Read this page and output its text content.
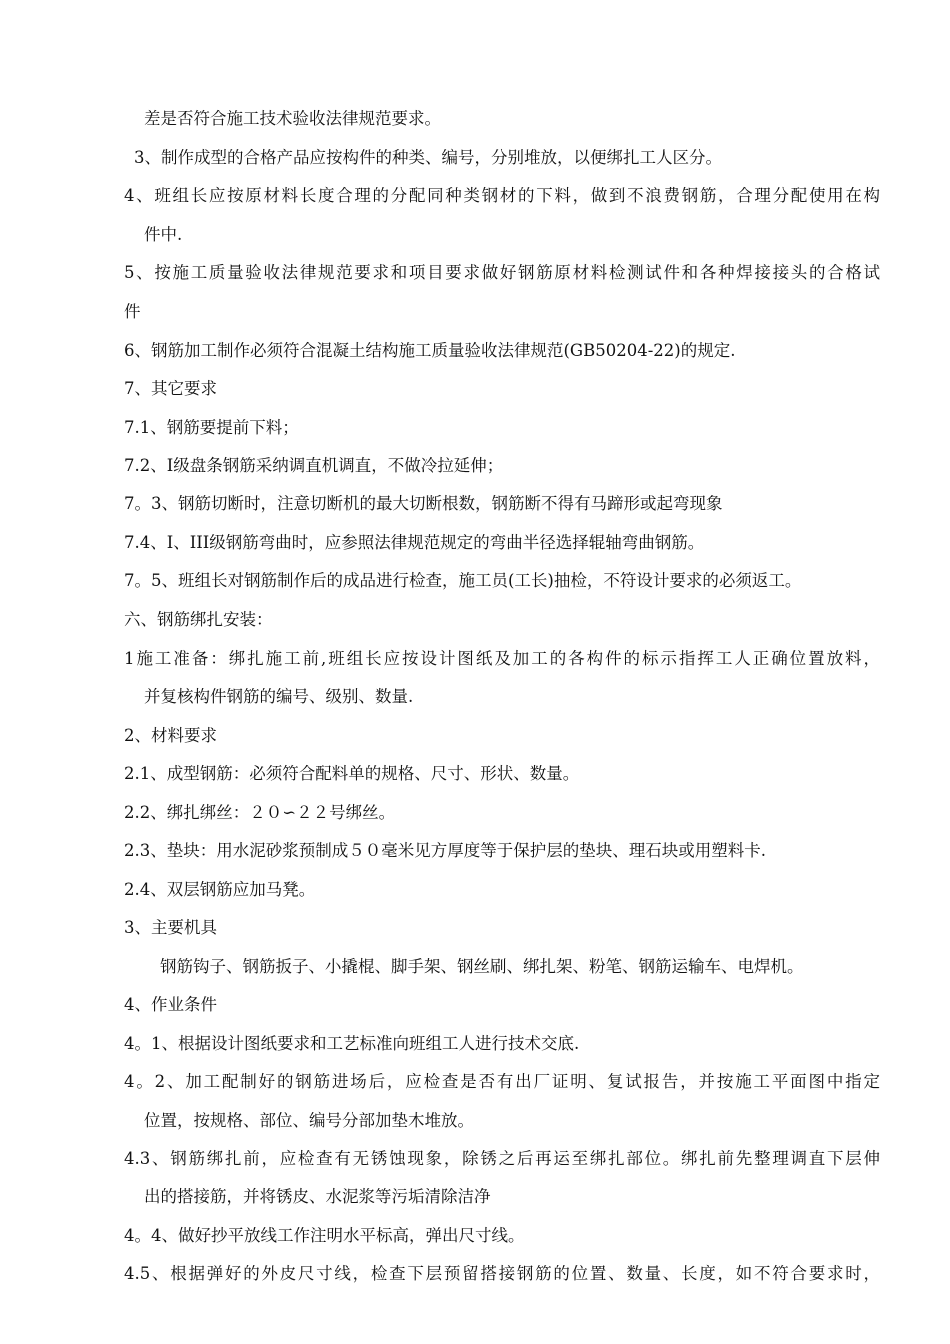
差是否符合施工技术验收法律规范要求。
3、制作成型的合格产品应按构件的种类、编号，分别堆放，以便绑扎工人区分。
4、班组长应按原材料长度合理的分配同种类钢材的下料，做到不浪费钢筋，合理分配使用在构
件中.
5、按施工质量验收法律规范要求和项目要求做好钢筋原材料检测试件和各种焊接接头的合格试
件
6、钢筋加工制作必须符合混凝土结构施工质量验收法律规范(GB50204-22)的规定.
7、其它要求
7.1、钢筋要提前下料；
7.2、I级盘条钢筋采纳调直机调直，不做冷拉延伸；
7。3、钢筋切断时，注意切断机的最大切断根数，钢筋断不得有马蹄形或起弯现象
7.4、I、III级钢筋弯曲时，应参照法律规范规定的弯曲半径选择辊轴弯曲钢筋。
7。5、班组长对钢筋制作后的成品进行检查，施工员(工长)抽检，不符设计要求的必须返工。
六、钢筋绑扎安装：
1施工准备：绑扎施工前,班组长应按设计图纸及加工的各构件的标示指挥工人正确位置放料，
并复核构件钢筋的编号、级别、数量.
2、材料要求
2.1、成型钢筋：必须符合配料单的规格、尺寸、形状、数量。
2.2、绑扎绑丝：２０∽２２号绑丝。
2.3、垫块：用水泥砂浆预制成５０毫米见方厚度等于保护层的垫块、理石块或用塑料卡.
2.4、双层钢筋应加马凳。
3、主要机具
钢筋钩子、钢筋扳子、小撬棍、脚手架、钢丝刷、绑扎架、粉笔、钢筋运输车、电焊机。
4、作业条件
4。1、根据设计图纸要求和工艺标准向班组工人进行技术交底.
4。2、加工配制好的钢筋进场后，应检查是否有出厂证明、复试报告，并按施工平面图中指定
位置，按规格、部位、编号分部加垫木堆放。
4.3、钢筋绑扎前，应检查有无锈蚀现象，除锈之后再运至绑扎部位。绑扎前先整理调直下层伸
出的搭接筋，并将锈皮、水泥浆等污垢清除洁净
4。4、做好抄平放线工作注明水平标高，弹出尺寸线。
4.5、根据弹好的外皮尺寸线，检查下层预留搭接钢筋的位置、数量、长度，如不符合要求时，
